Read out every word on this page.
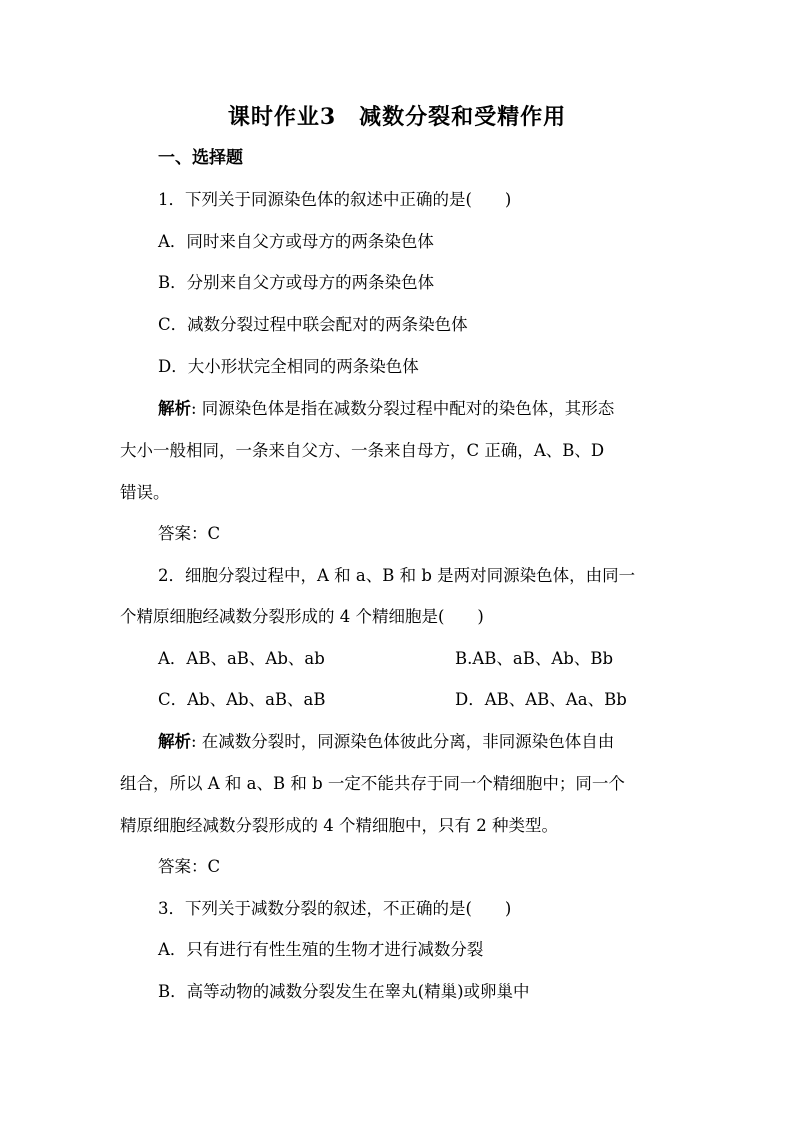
课时作业3　减数分裂和受精作用
一、选择题
1．下列关于同源染色体的叙述中正确的是(　　)
A．同时来自父方或母方的两条染色体
B．分别来自父方或母方的两条染色体
C．减数分裂过程中联会配对的两条染色体
D．大小形状完全相同的两条染色体
解析: 同源染色体是指在减数分裂过程中配对的染色体，其形态
大小一般相同，一条来自父方、一条来自母方，C 正确，A、B、D
错误。
答案：C
2．细胞分裂过程中，A 和 a、B 和 b 是两对同源染色体，由同一
个精原细胞经减数分裂形成的 4 个精细胞是(　　)
A．AB、aB、Ab、ab	B.AB、aB、Ab、Bb
C．Ab、Ab、aB、aB	D．AB、AB、Aa、Bb
解析: 在减数分裂时，同源染色体彼此分离，非同源染色体自由
组合，所以 A 和 a、B 和 b 一定不能共存于同一个精细胞中；同一个
精原细胞经减数分裂形成的 4 个精细胞中，只有 2 种类型。
答案：C
3．下列关于减数分裂的叙述，不正确的是(　　)
A．只有进行有性生殖的生物才进行减数分裂
B．高等动物的减数分裂发生在睾丸(精巢)或卵巢中
